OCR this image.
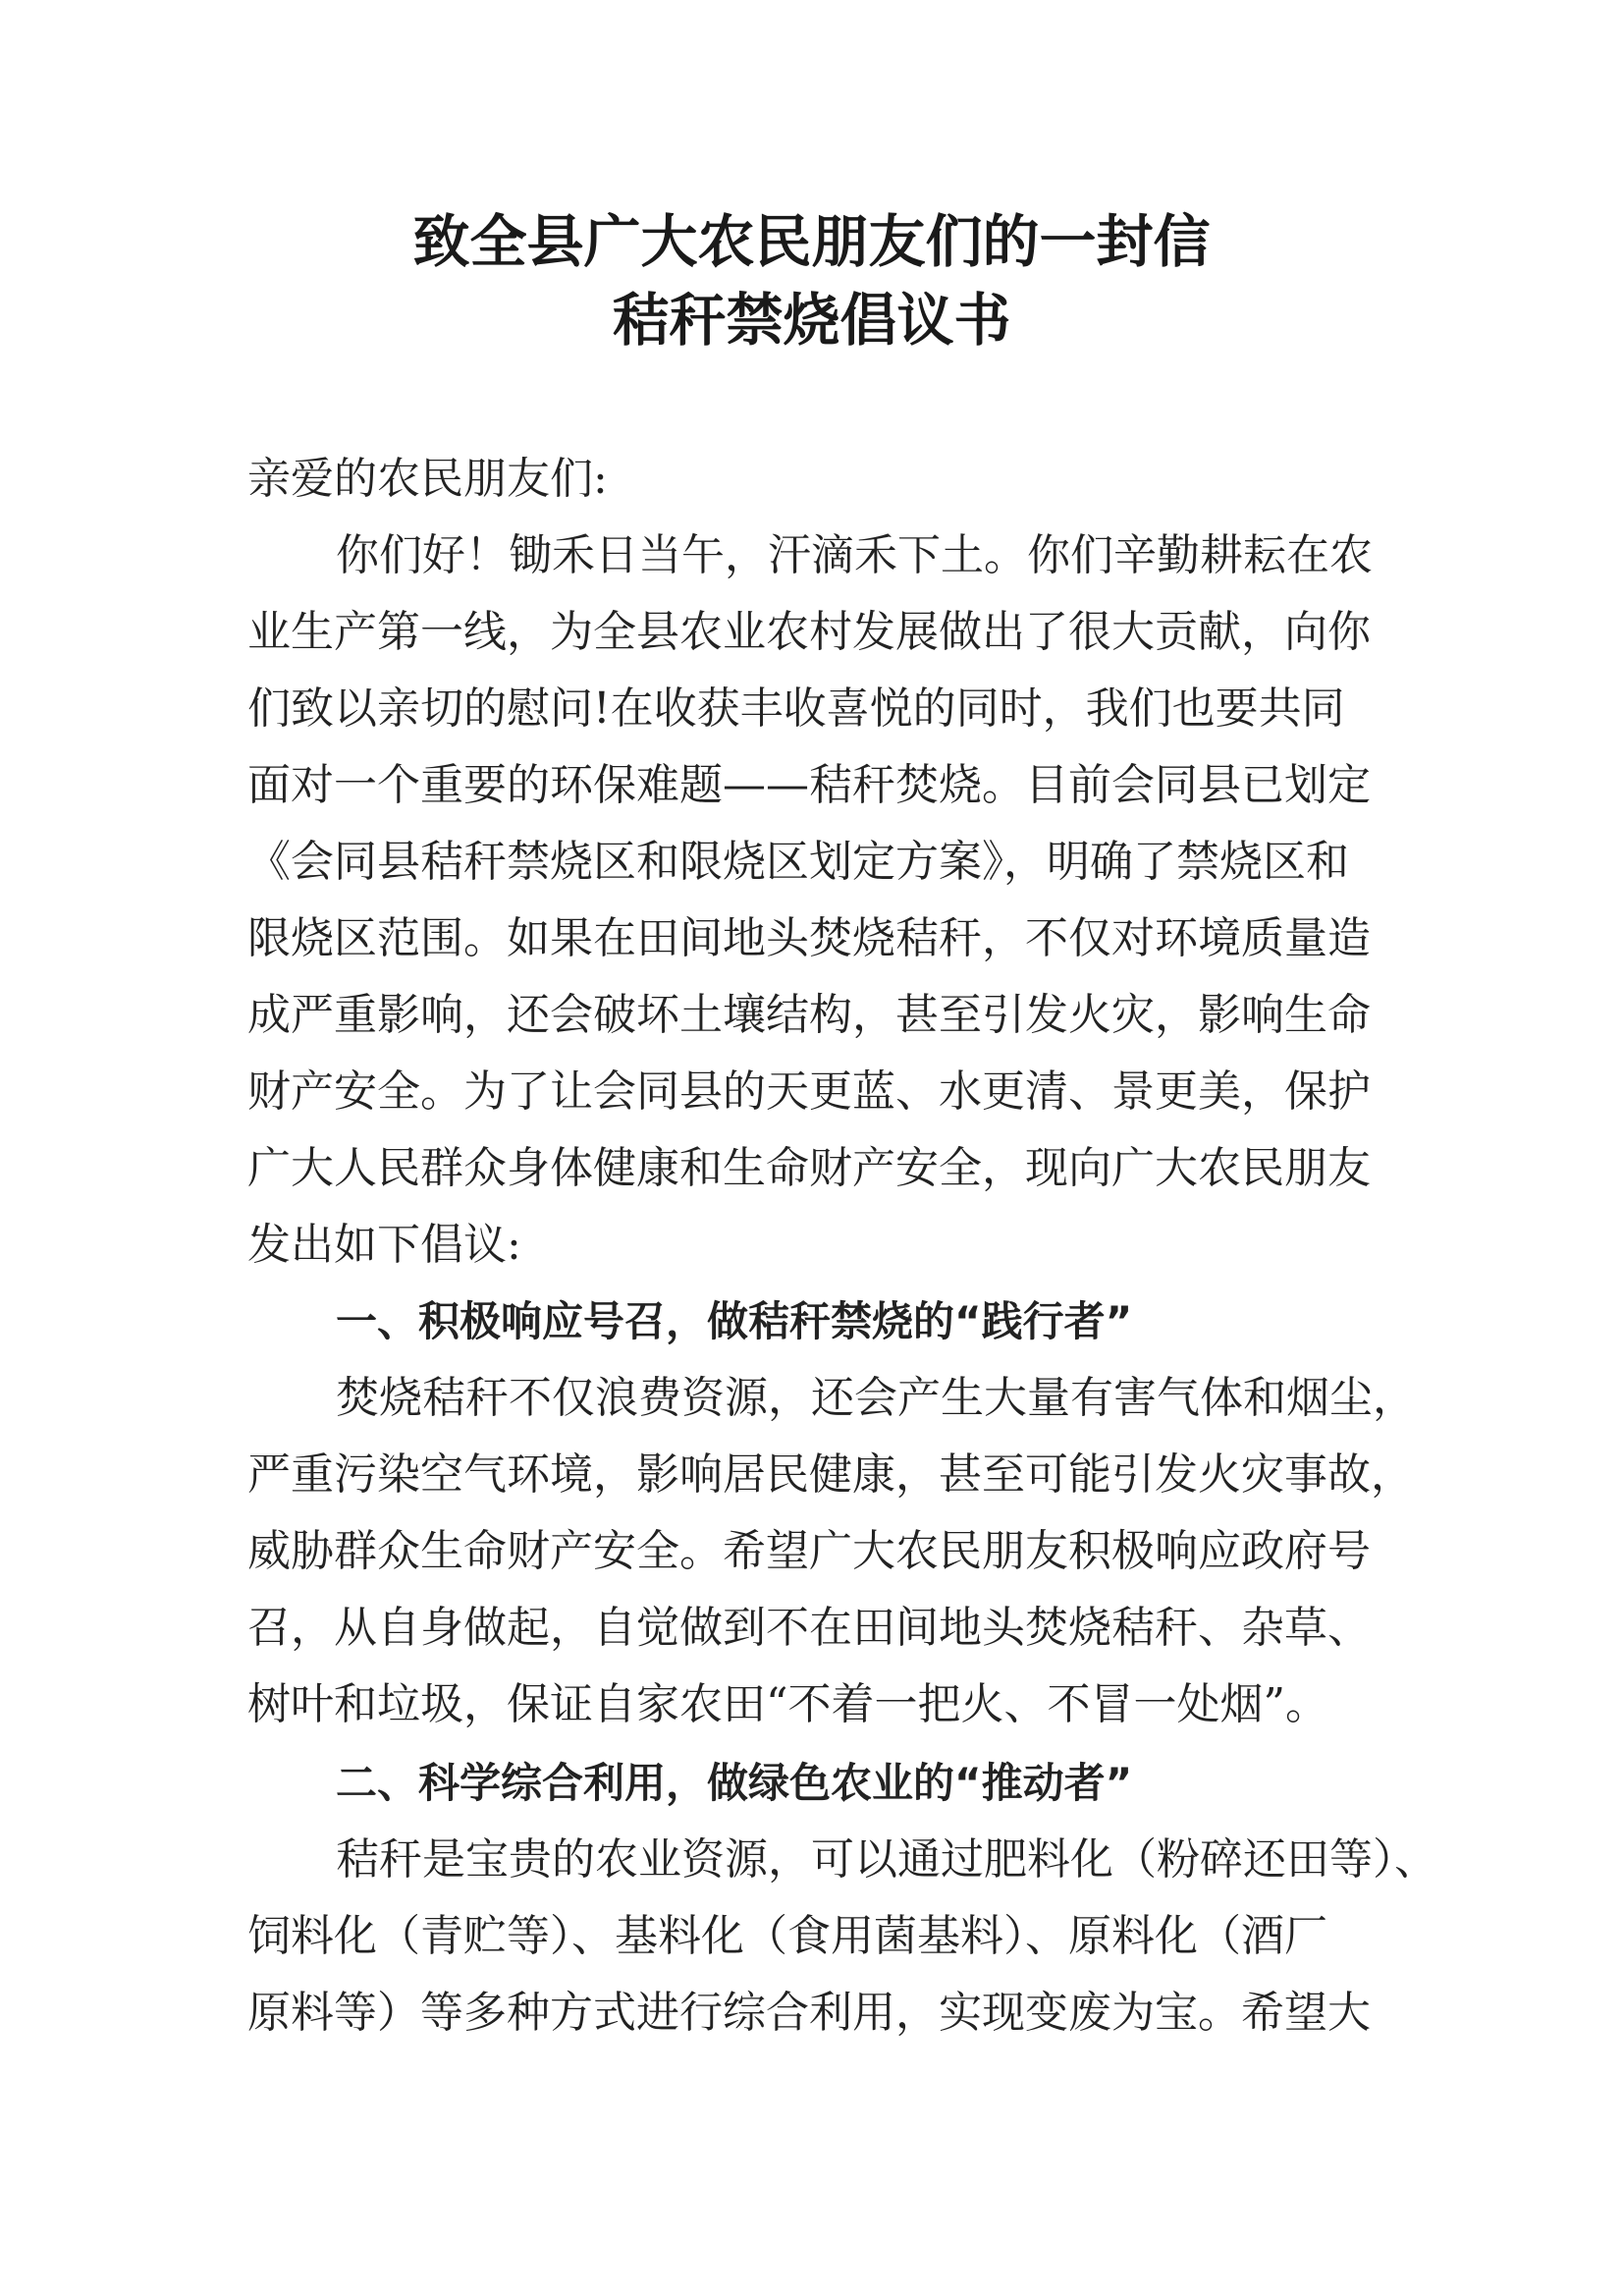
致全县广大农民朋友们的一封信
秸秆禁烧倡议书
亲爱的农民朋友们:
你们好！锄禾日当午，汗滴禾下土。你们辛勤耕耘在农
业生产第一线，为全县农业农村发展做出了很大贡献，向你
们致以亲切的慰问!在收获丰收喜悦的同时，我们也要共同
面对一个重要的环保难题——秸秆焚烧。目前会同县已划定
《会同县秸秆禁烧区和限烧区划定方案》，明确了禁烧区和
限烧区范围。如果在田间地头焚烧秸秆，不仅对环境质量造
成严重影响，还会破坏土壤结构，甚至引发火灾，影响生命
财产安全。为了让会同县的天更蓝、水更清、景更美，保护
广大人民群众身体健康和生命财产安全，现向广大农民朋友
发出如下倡议:
一、积极响应号召，做秸秆禁烧的“践行者”
焚烧秸秆不仅浪费资源，还会产生大量有害气体和烟尘，
严重污染空气环境，影响居民健康，甚至可能引发火灾事故，
威胁群众生命财产安全。希望广大农民朋友积极响应政府号
召，从自身做起，自觉做到不在田间地头焚烧秸秆、杂草、
树叶和垃圾，保证自家农田“不着一把火、不冒一处烟”。
二、科学综合利用，做绿色农业的“推动者”
秸秆是宝贵的农业资源，可以通过肥料化（粉碎还田等）、
饲料化（青贮等）、基料化（食用菌基料）、原料化（酒厂
原料等）等多种方式进行综合利用，实现变废为宝。希望大
